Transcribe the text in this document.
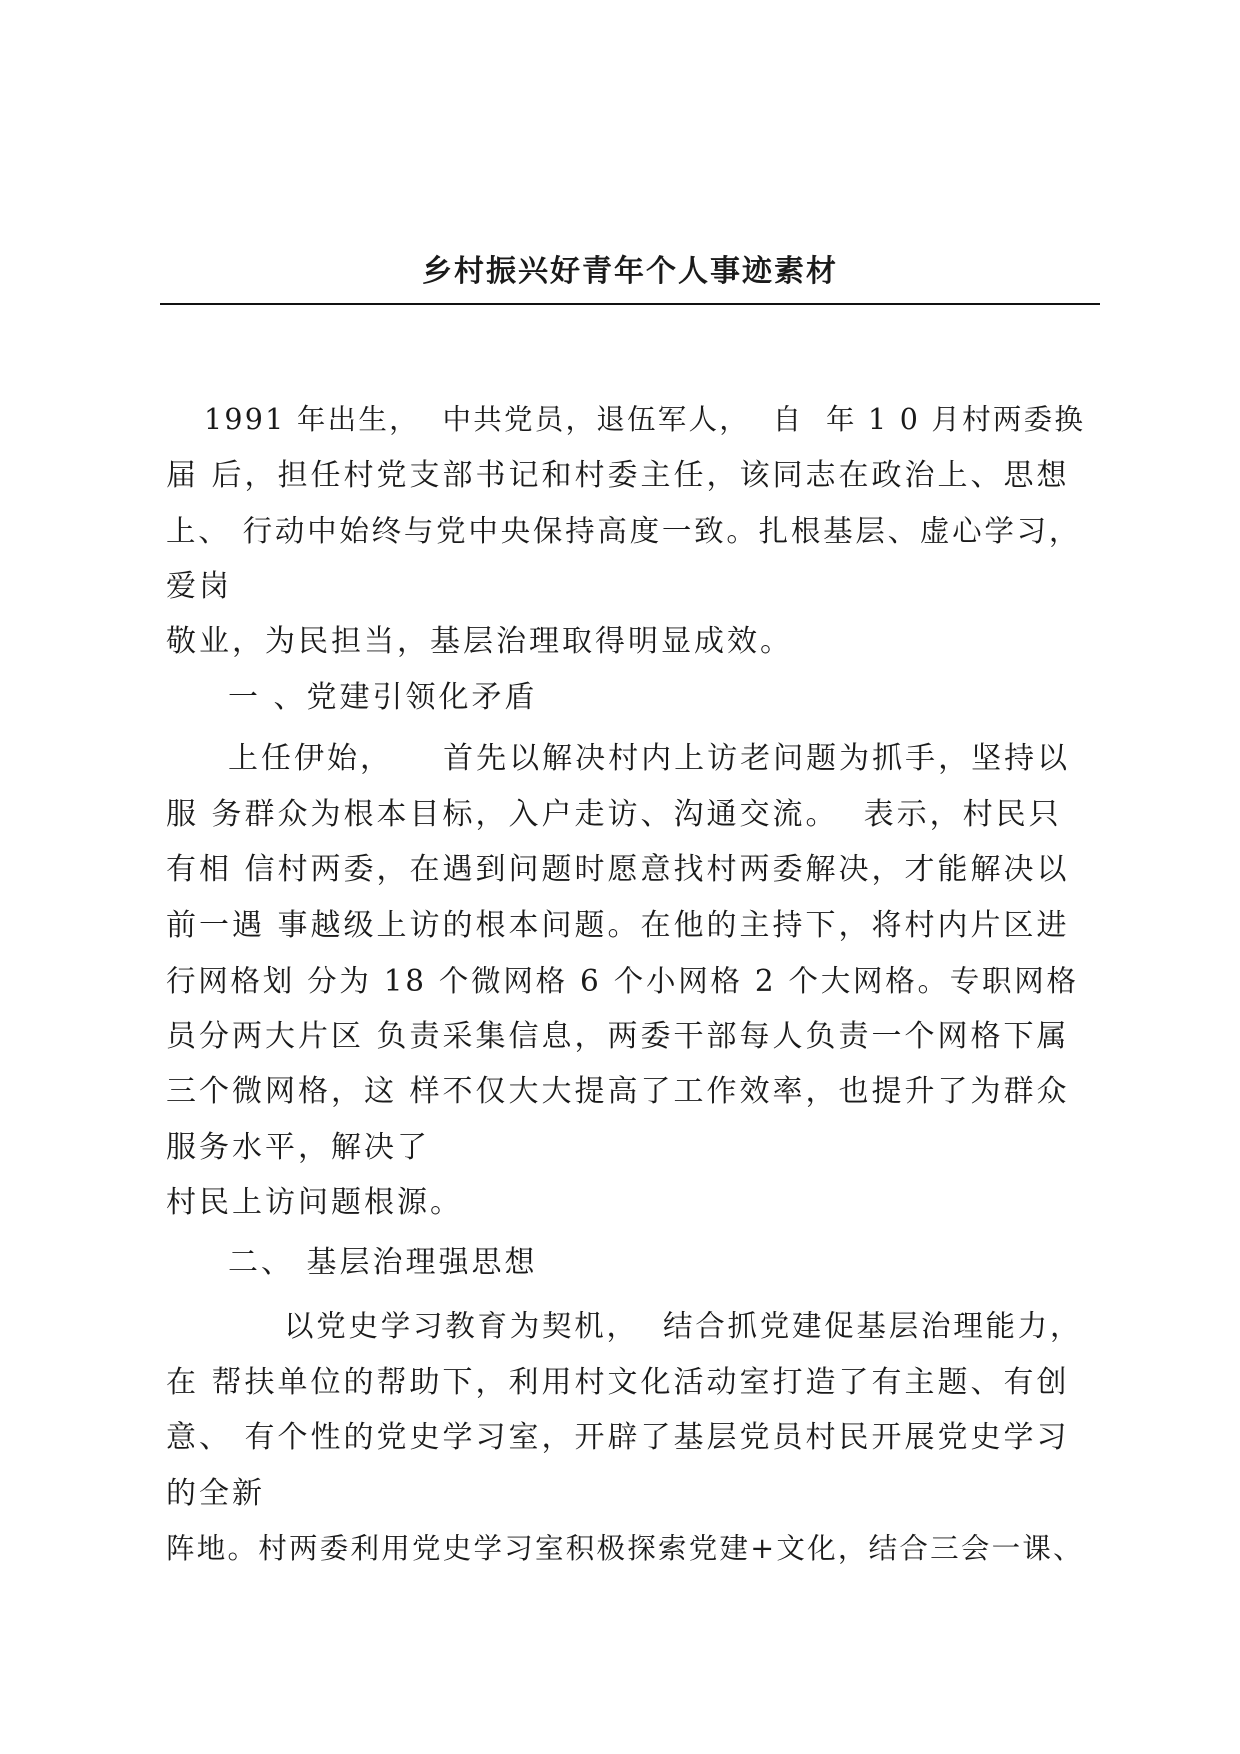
乡村振兴好青年个人事迹素材
1991 年出生，  中共党员，退伍军人，  自  年 1 0 月村两委换
届 后，担任村党支部书记和村委主任，该同志在政治上、思想
上、 行动中始终与党中央保持高度一致。扎根基层、虚心学习，
爱岗
敬业，为民担当，基层治理取得明显成效。
一 、党建引领化矛盾
上任伊始，    首先以解决村内上访老问题为抓手，坚持以
服 务群众为根本目标，入户走访、沟通交流。  表示，村民只
有相 信村两委，在遇到问题时愿意找村两委解决，才能解决以
前一遇 事越级上访的根本问题。在他的主持下，将村内片区进
行网格划 分为 18 个微网格 6 个小网格 2 个大网格。专职网格
员分两大片区 负责采集信息，两委干部每人负责一个网格下属
三个微网格，这 样不仅大大提高了工作效率，也提升了为群众
服务水平，解决了
村民上访问题根源。
二、 基层治理强思想
以党史学习教育为契机，  结合抓党建促基层治理能力，
在 帮扶单位的帮助下，利用村文化活动室打造了有主题、有创
意、 有个性的党史学习室，开辟了基层党员村民开展党史学习
的全新
阵地。村两委利用党史学习室积极探索党建+文化，结合三会一课、
